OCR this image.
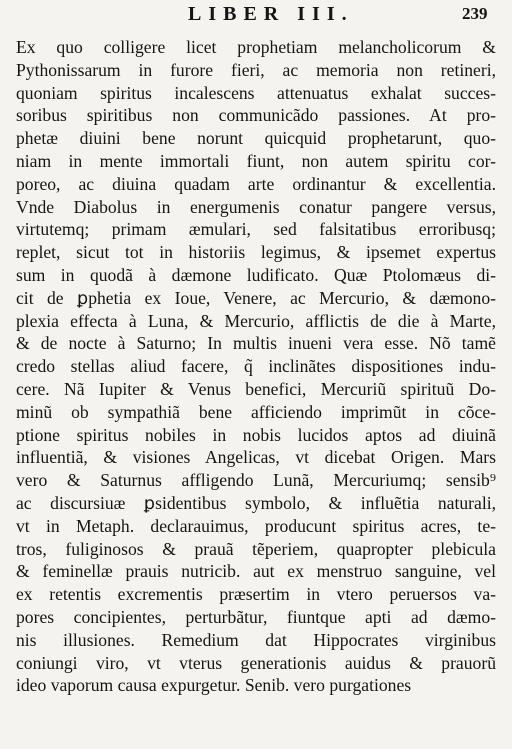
LIBER III.	239
Ex quo colligere licet prophetiam melancholicorum &
Pythonissarum in furore fieri, ac memoria non retineri,
quoniam spiritus incalescens attenuatus exhalat succes-
soribus spiritibus non communicãdo passiones. At pro-
phetæ diuini bene norunt quicquid prophetarunt, quo-
niam in mente immortali fiunt, non autem spiritu cor-
poreo, ac diuina quadam arte ordinantur & excellentia.
Vnde Diabolus in energumenis conatur pangere versus,
virtutemq; primam æmulari, sed falsitatibus erroribusq;
replet, sicut tot in historiis legimus, & ipsemet expertus
sum in quodã à dæmone ludificato. Quæ Ptolomæus di-
cit de ꝑphetia ex Ioue, Venere, ac Mercurio, & dæmono-
plexia effecta à Luna, & Mercurio, afflictis de die à Marte,
& de nocte à Saturno; In multis inueni vera esse. Nõ tamẽ
credo stellas aliud facere, q̃ inclinãtes dispositiones indu-
cere. Nã Iupiter & Venus benefici, Mercuriũ spirituũ Do-
minũ ob sympathiã bene afficiendo imprimũt in cõce-
ptione spiritus nobiles in nobis lucidos aptos ad diuinã
influentiã, & visiones Angelicas, vt dicebat Origen. Mars
vero & Saturnus affligendo Lunã, Mercuriumq; sensib⁹
ac discursiuæ ꝑsidentibus symbolo, & influẽtia naturali,
vt in Metaph. declarauimus, producunt spiritus acres, te-
tros, fuliginosos & prauã tẽperiem, quapropter plebicula
& feminellæ prauis nutricib. aut ex menstruo sanguine, vel
ex retentis excrementis præsertim in vtero peruersos va-
pores concipientes, perturbãtur, fiuntque apti ad dæmo-
nis illusiones. Remedium dat Hippocrates virginibus
coniungi viro, vt vterus generationis auidus & prauorũ
ideo vaporum causa expurgetur. Senib. vero purgationes
